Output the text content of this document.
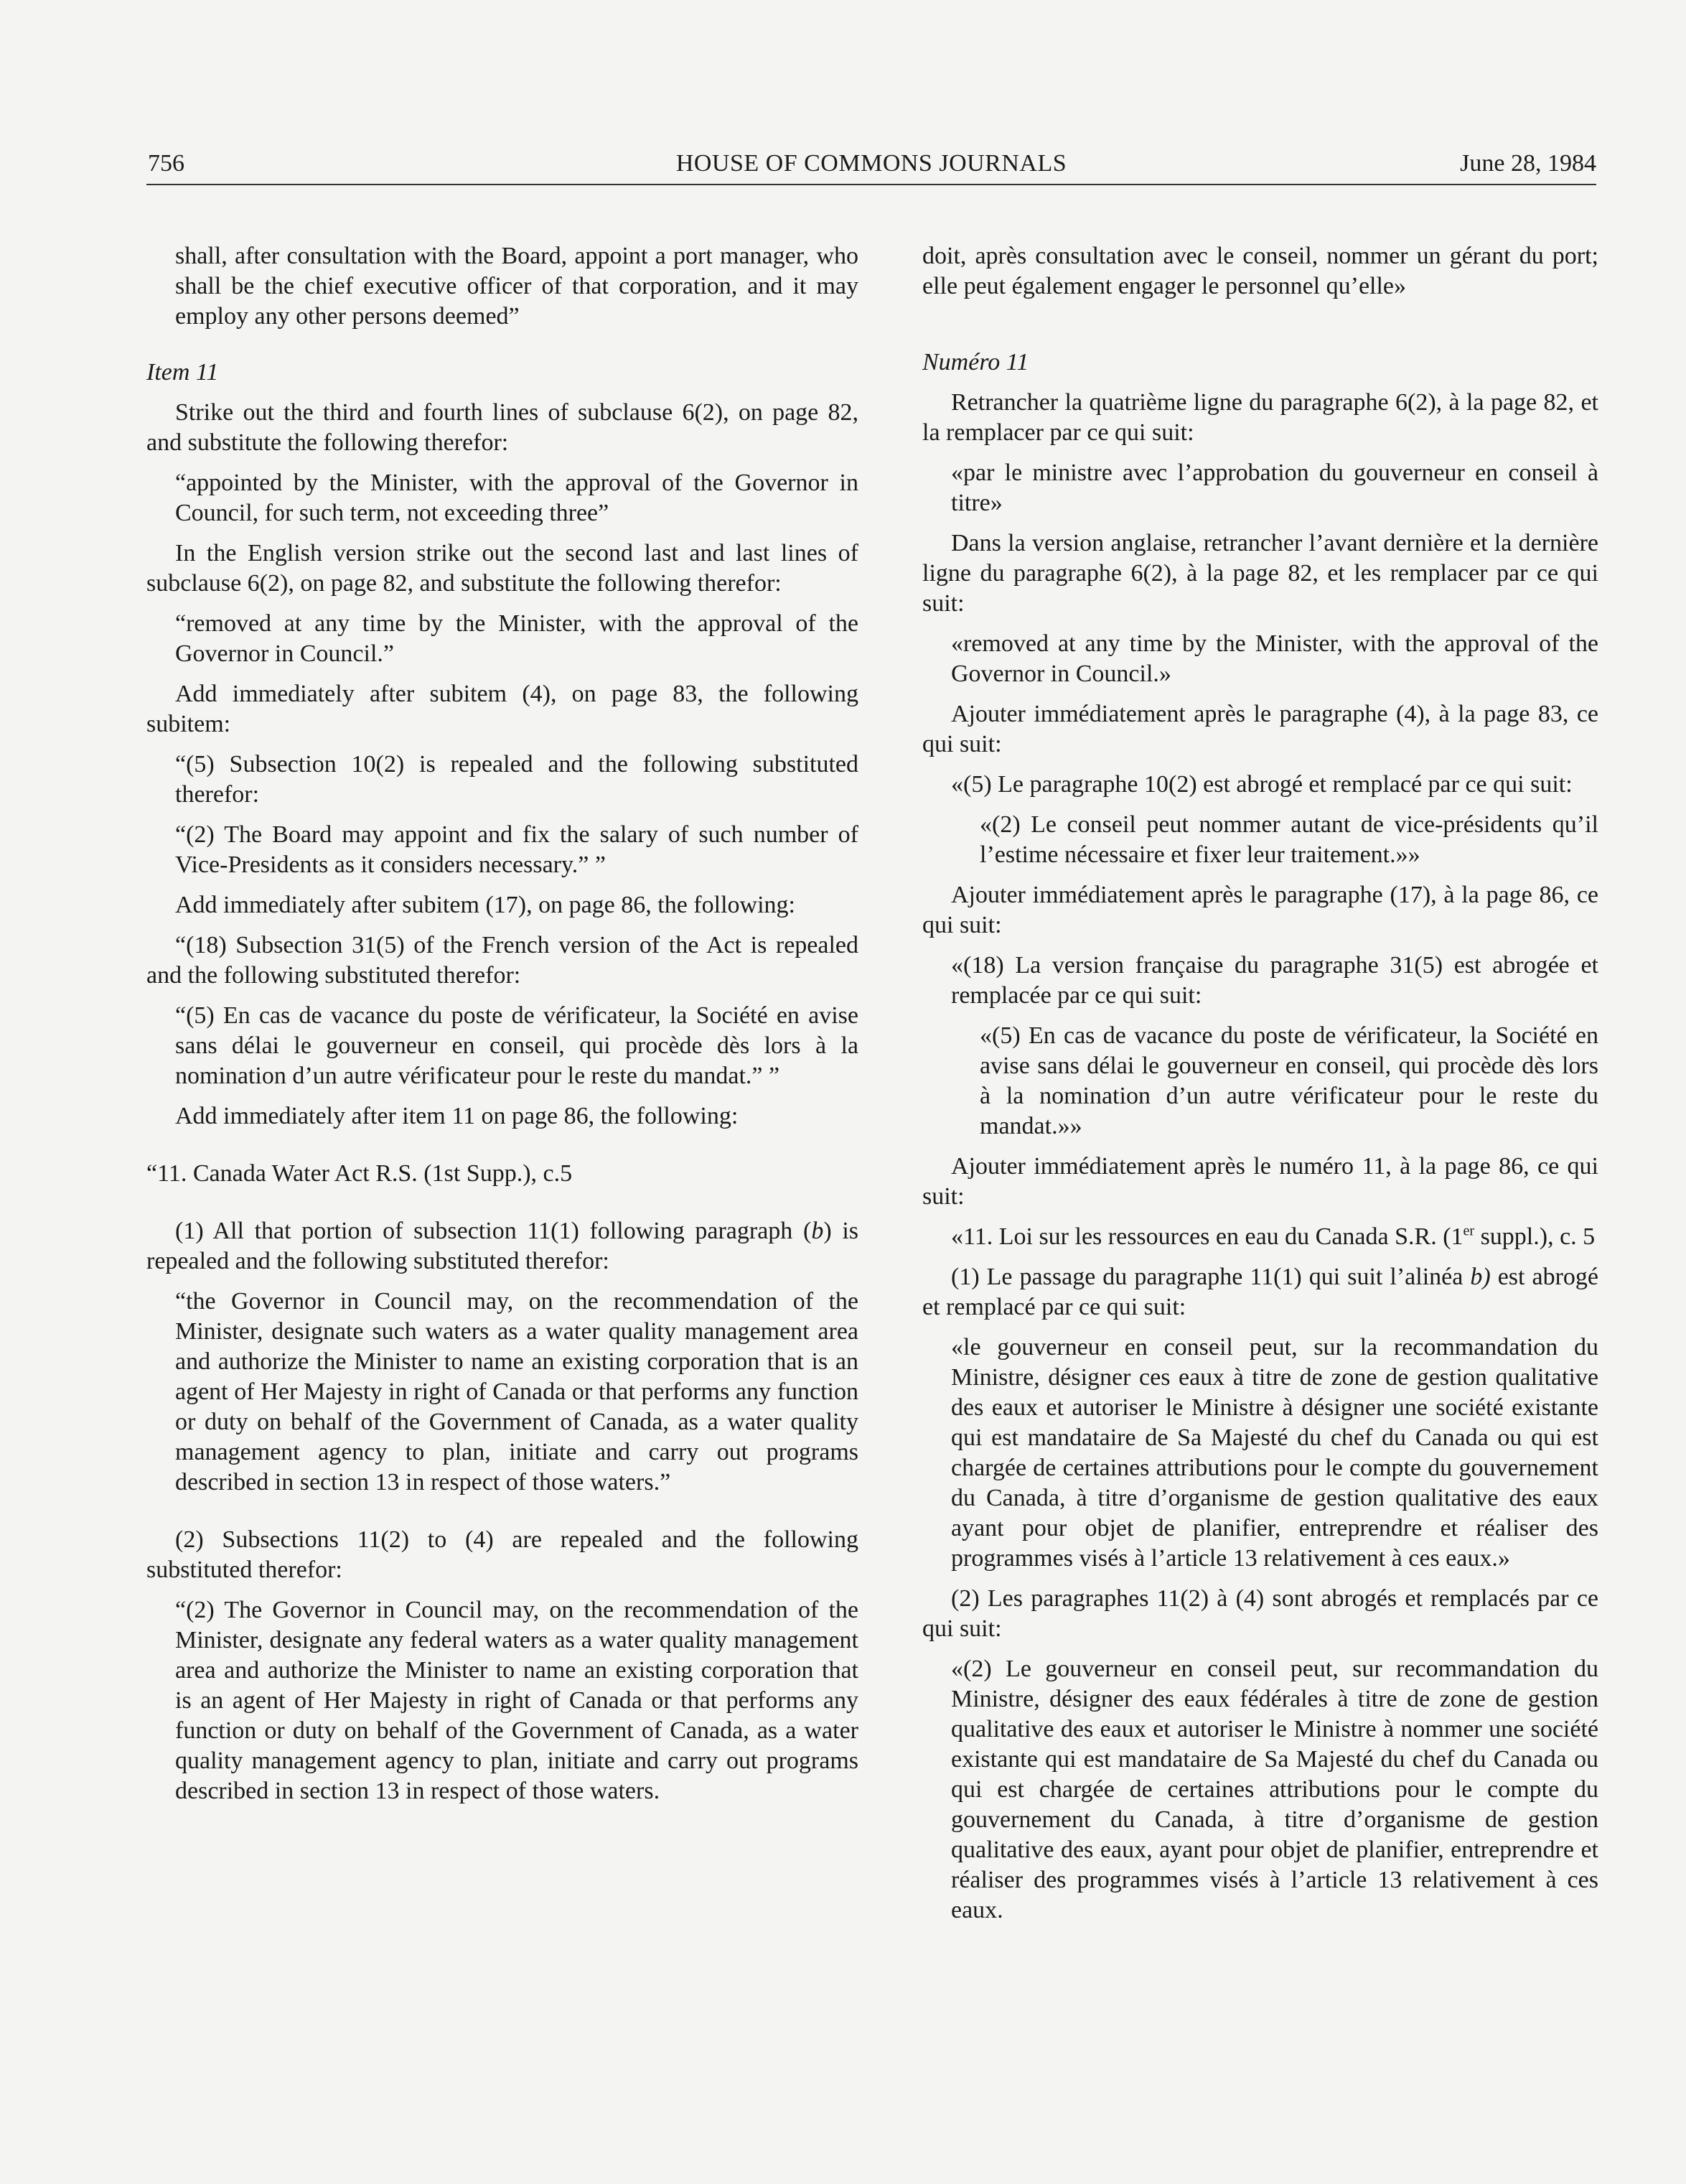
756	HOUSE OF COMMONS JOURNALS	June 28, 1984

shall, after consultation with the Board, appoint a port manager, who shall be the chief executive officer of that corporation, and it may employ any other persons deemed”

Item 11

Strike out the third and fourth lines of subclause 6(2), on page 82, and substitute the following therefor:

“appointed by the Minister, with the approval of the Governor in Council, for such term, not exceeding three”

In the English version strike out the second last and last lines of subclause 6(2), on page 82, and substitute the following therefor:

“removed at any time by the Minister, with the approval of the Governor in Council.”

Add immediately after subitem (4), on page 83, the following subitem:

“(5) Subsection 10(2) is repealed and the following substituted therefor:

“(2) The Board may appoint and fix the salary of such number of Vice-Presidents as it considers necessary.” ”

Add immediately after subitem (17), on page 86, the following:

“(18) Subsection 31(5) of the French version of the Act is repealed and the following substituted therefor:

“(5) En cas de vacance du poste de vérificateur, la Société en avise sans délai le gouverneur en conseil, qui procède dès lors à la nomination d’un autre vérificateur pour le reste du mandat.” ”

Add immediately after item 11 on page 86, the following:

“11. Canada Water Act R.S. (1st Supp.), c.5

(1) All that portion of subsection 11(1) following paragraph (b) is repealed and the following substituted therefor:

“the Governor in Council may, on the recommendation of the Minister, designate such waters as a water quality management area and authorize the Minister to name an existing corporation that is an agent of Her Majesty in right of Canada or that performs any function or duty on behalf of the Government of Canada, as a water quality management agency to plan, initiate and carry out programs described in section 13 in respect of those waters.”

(2) Subsections 11(2) to (4) are repealed and the following substituted therefor:

“(2) The Governor in Council may, on the recommendation of the Minister, designate any federal waters as a water quality management area and authorize the Minister to name an existing corporation that is an agent of Her Majesty in right of Canada or that performs any function or duty on behalf of the Government of Canada, as a water quality management agency to plan, initiate and carry out programs described in section 13 in respect of those waters.

doit, après consultation avec le conseil, nommer un gérant du port; elle peut également engager le personnel qu’elle»

Numéro 11

Retrancher la quatrième ligne du paragraphe 6(2), à la page 82, et la remplacer par ce qui suit:

«par le ministre avec l’approbation du gouverneur en conseil à titre»

Dans la version anglaise, retrancher l’avant dernière et la dernière ligne du paragraphe 6(2), à la page 82, et les remplacer par ce qui suit:

«removed at any time by the Minister, with the approval of the Governor in Council.»

Ajouter immédiatement après le paragraphe (4), à la page 83, ce qui suit:

«(5) Le paragraphe 10(2) est abrogé et remplacé par ce qui suit:

«(2) Le conseil peut nommer autant de vice-présidents qu’il l’estime nécessaire et fixer leur traitement.»»

Ajouter immédiatement après le paragraphe (17), à la page 86, ce qui suit:

«(18) La version française du paragraphe 31(5) est abrogée et remplacée par ce qui suit:

«(5) En cas de vacance du poste de vérificateur, la Société en avise sans délai le gouverneur en conseil, qui procède dès lors à la nomination d’un autre vérificateur pour le reste du mandat.»»

Ajouter immédiatement après le numéro 11, à la page 86, ce qui suit:

«11. Loi sur les ressources en eau du Canada S.R. (1er suppl.), c. 5

(1) Le passage du paragraphe 11(1) qui suit l’alinéa b) est abrogé et remplacé par ce qui suit:

«le gouverneur en conseil peut, sur la recommandation du Ministre, désigner ces eaux à titre de zone de gestion qualitative des eaux et autoriser le Ministre à désigner une société existante qui est mandataire de Sa Majesté du chef du Canada ou qui est chargée de certaines attributions pour le compte du gouvernement du Canada, à titre d’organisme de gestion qualitative des eaux ayant pour objet de planifier, entreprendre et réaliser des programmes visés à l’article 13 relativement à ces eaux.»

(2) Les paragraphes 11(2) à (4) sont abrogés et remplacés par ce qui suit:

«(2) Le gouverneur en conseil peut, sur recommandation du Ministre, désigner des eaux fédérales à titre de zone de gestion qualitative des eaux et autoriser le Ministre à nommer une société existante qui est mandataire de Sa Majesté du chef du Canada ou qui est chargée de certaines attributions pour le compte du gouvernement du Canada, à titre d’organisme de gestion qualitative des eaux, ayant pour objet de planifier, entreprendre et réaliser des programmes visés à l’article 13 relativement à ces eaux.
